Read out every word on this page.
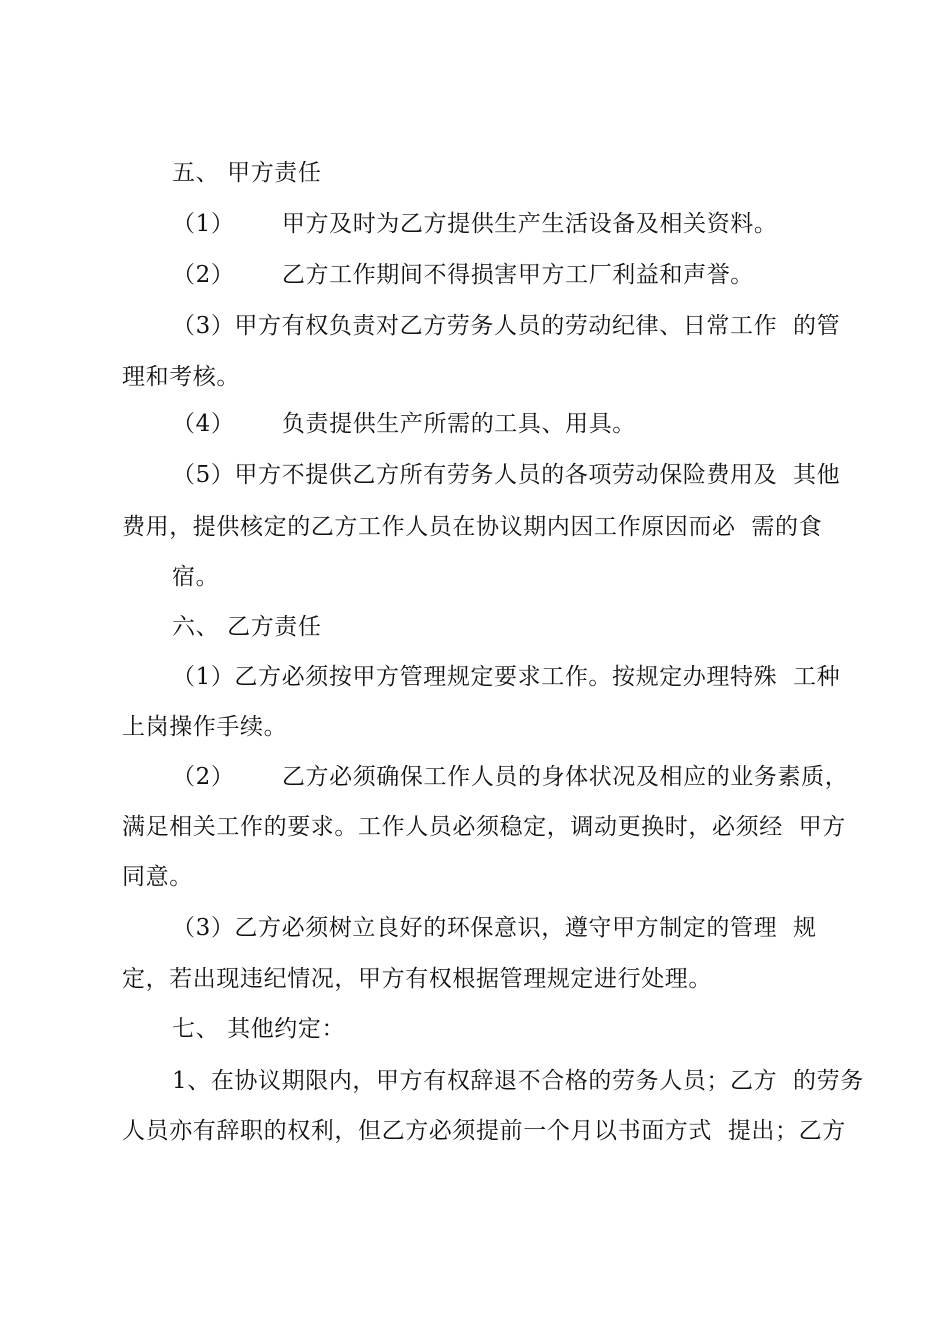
五、 甲方责任
（1）      甲方及时为乙方提供生产生活设备及相关资料。
（2）      乙方工作期间不得损害甲方工厂利益和声誉。
（3）甲方有权负责对乙方劳务人员的劳动纪律、日常工作  的管
理和考核。
（4）      负责提供生产所需的工具、用具。
（5）甲方不提供乙方所有劳务人员的各项劳动保险费用及  其他
费用，提供核定的乙方工作人员在协议期内因工作原因而必  需的食
宿。
六、 乙方责任
（1）乙方必须按甲方管理规定要求工作。按规定办理特殊  工种
上岗操作手续。
（2）      乙方必须确保工作人员的身体状况及相应的业务素质，
满足相关工作的要求。工作人员必须稳定，调动更换时，必须经  甲方
同意。
（3）乙方必须树立良好的环保意识，遵守甲方制定的管理  规
定，若出现违纪情况，甲方有权根据管理规定进行处理。
七、 其他约定：
1、在协议期限内，甲方有权辞退不合格的劳务人员；乙方  的劳务
人员亦有辞职的权利，但乙方必须提前一个月以书面方式  提出；乙方
